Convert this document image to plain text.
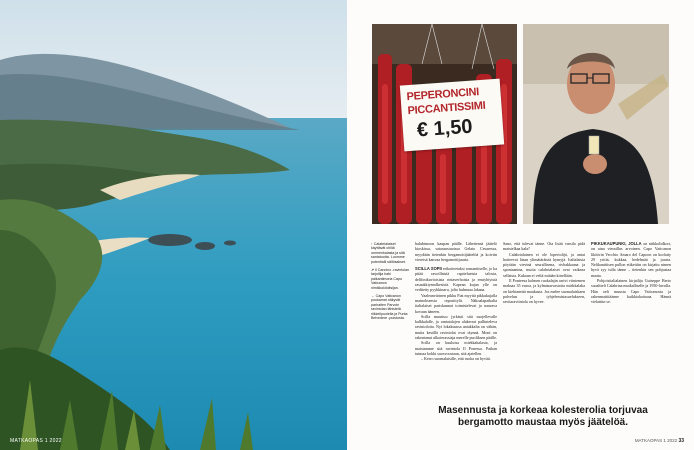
MATKAOPAS 1 2022
PEPERONCINI
PICCANTISSIMI
€ 1,50

↑ Calabrialaiset käyttävät chiliä ommenkalasta ja sitä santatuotta. Luomme potentialli säilösakset.

↗ Il Cannino -ravintolan tarjoilija habi paikantimoria Capo Vaticanon nimikkokiloitsijan.

← Capo Vaticanon puukamat näkyvät parhaiten Parvoin ravintolan lähistelä riikkelipuolella ja Punta Belvedere -puistosta.

halubtmoon kaupan päälle. Lähettensä jäätelö kioskissa, sataraustuoissa Gelato Cesaressa, myydään tietenkin bergamottijäätelöä ja koiviin viereisä kanvaa bergamottijuurta.

SCILLA SOPII erikoiteetaksi romanttiselle, jo ka pitää ravoillaisiä rapitelueista talosta, delfiinikuvioisista rintaverhoista ja ensiyhtyistä rasaukkiymolkesistä. Kapean kujan ylle on veditetty pyykkinaru, jolta hulmuaa lakana.

Vaaleanvärinen pikku Fiat myyttä pikkukujalla mainokseesta reposittylit. Näkoalapaikalta italialaiset pariskunnat toimistelevat ja naurava kovaan ääneen.

Scilla muuttuu jyrkästi sitä suojellevalle kalkkalalle, ja rantatalojen alakerrat pallinteleva ravintoloita. Nyt lokakuussa aniakkalta on vähän, mutta kesällä ravintolat ovat täynnä. Moni on rakentanut ulkoterassiaja merelle puoliksen päälle.

Scilla on kuuluisa miekkakalasta, ja maistamme sitä ravintola Il Ponessa. Paikan tuimaa kokki suosvoostaan, sitä ajatellen.

– Kerro suomalaisille, että ruoka on hyvää.

Sano, että tulevat tänne. Ota lisää varsilo pidä maistelkaa kala?

Calabrialainen ei ole lopertolijä, ja antai hotteevat läsan ylimätäräistä hymyjä. Italialaista pöytään vievinä seurallisena, rivhakkaana ja spontaanina, mutta calabrialaiset ovat vaikeaa sellaisia. Kukaan ei veltä mitään kiirellään.

Il Ponteesa kolmen ruokalajin arrivi viiniemen maksaa 35 euroa, ja kylmäsarvastotta miekkalaka on kiehtaneitä maukasta. Jos melee suomalaiskaen palvelun ja tyhjelemistasuelukseen, ravitaraviintola on hyvee.

PIKKUKAUPUNKI, JOLLA on niikkolidkori, on aina vieraillus arvoinen. Capo Vaticanon liköörin Vecchio Amaro del Capoon on korlatty 29 yrttiä, kukkaa, hedelmää ja juurta. Nelikanttiisen pullon etikettiin on kirjattu nimen hyvä syy tulla tänne – tietenkin sen pohjustaa maata.

Pohjoisitalialainen kirjailija Guiseppe Berto suoaltteli Calabriaa mutkalliselle ja 1950-luvulla. Hän oeli muusta Capo Vaticanosta ja rakenmattitäänne kaikkiokottuna. Hännä vielattiin se.

Masennusta ja korkeaa kolesterolia torjuvaa
bergamotto maustaa myös jäätelöä.
MATKAOPAS 1 2022 33
